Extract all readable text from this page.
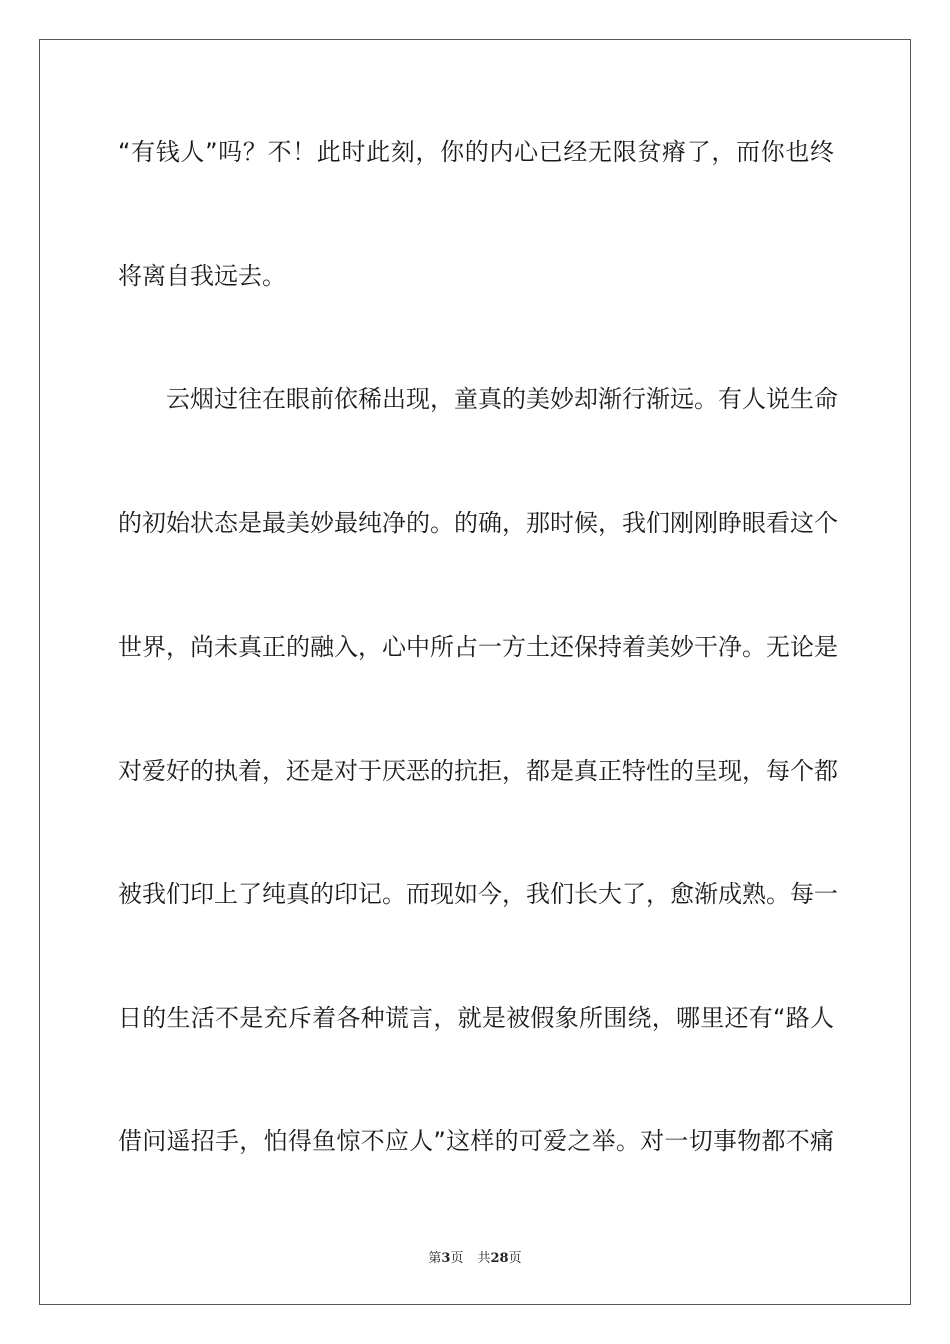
“有钱人”吗？不！此时此刻，你的内心已经无限贫瘠了，而你也终
将离自我远去。
云烟过往在眼前依稀出现，童真的美妙却渐行渐远。有人说生命
的初始状态是最美妙最纯净的。的确，那时候，我们刚刚睁眼看这个
世界，尚未真正的融入，心中所占一方土还保持着美妙干净。无论是
对爱好的执着，还是对于厌恶的抗拒，都是真正特性的呈现，每个都
被我们印上了纯真的印记。而现如今，我们长大了，愈渐成熟。每一
日的生活不是充斥着各种谎言，就是被假象所围绕，哪里还有“路人
借问遥招手，怕得鱼惊不应人”这样的可爱之举。对一切事物都不痛
第3页 共28页
